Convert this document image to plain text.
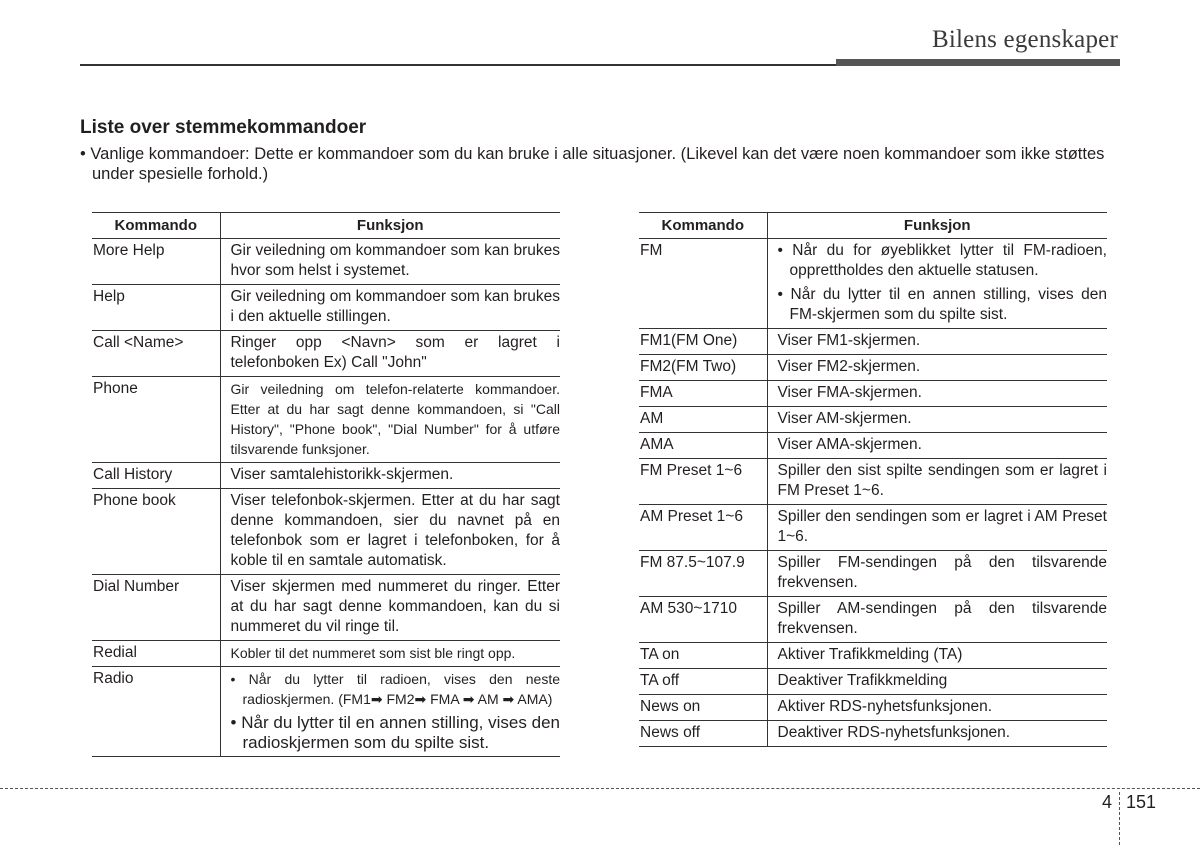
Bilens egenskaper
Liste over stemmekommandoer

• Vanlige kommandoer: Dette er kommandoer som du kan bruke i alle situasjoner. (Likevel kan det være noen kommandoer som ikke støttes under spesielle forhold.)

Kommando	Funksjon
More Help	Gir veiledning om kommandoer som kan brukes hvor som helst i systemet.
Help	Gir veiledning om kommandoer som kan brukes i den aktuelle stillingen.
Call <Name>	Ringer opp <Navn> som er lagret i telefonboken Ex) Call "John"
Phone	Gir veiledning om telefon-relaterte kommandoer. Etter at du har sagt denne kommandoen, si "Call History", "Phone book", "Dial Number" for å utføre tilsvarende funksjoner.
Call History	Viser samtalehistorikk-skjermen.
Phone book	Viser telefonbok-skjermen. Etter at du har sagt denne kommandoen, sier du navnet på en telefonbok som er lagret i telefonboken, for å koble til en samtale automatisk.
Dial Number	Viser skjermen med nummeret du ringer. Etter at du har sagt denne kommandoen, kan du si nummeret du vil ringe til.
Redial	Kobler til det nummeret som sist ble ringt opp.
Radio	• Når du lytter til radioen, vises den neste radioskjermen. (FM1➡ FM2➡ FMA ➡ AM ➡ AMA)
• Når du lytter til en annen stilling, vises den radioskjermen som du spilte sist.
Kommando	Funksjon
FM	• Når du for øyeblikket lytter til FM-radioen, opprettholdes den aktuelle statusen.
• Når du lytter til en annen stilling, vises den FM-skjermen som du spilte sist.

FM1(FM One)	Viser FM1-skjermen.
FM2(FM Two)	Viser FM2-skjermen.
FMA	Viser FMA-skjermen.
AM	Viser AM-skjermen.
AMA	Viser AMA-skjermen.
FM Preset 1~6	Spiller den sist spilte sendingen som er lagret i FM Preset 1~6.
AM Preset 1~6	Spiller den sendingen som er lagret i AM Preset 1~6.
FM 87.5~107.9	Spiller FM-sendingen på den tilsvarende frekvensen.
AM 530~1710	Spiller AM-sendingen på den tilsvarende frekvensen.
TA on	Aktiver Trafikkmelding (TA)
TA off	Deaktiver Trafikkmelding
News on	Aktiver RDS-nyhetsfunksjonen.
News off	Deaktiver RDS-nyhetsfunksjonen.
4 151
